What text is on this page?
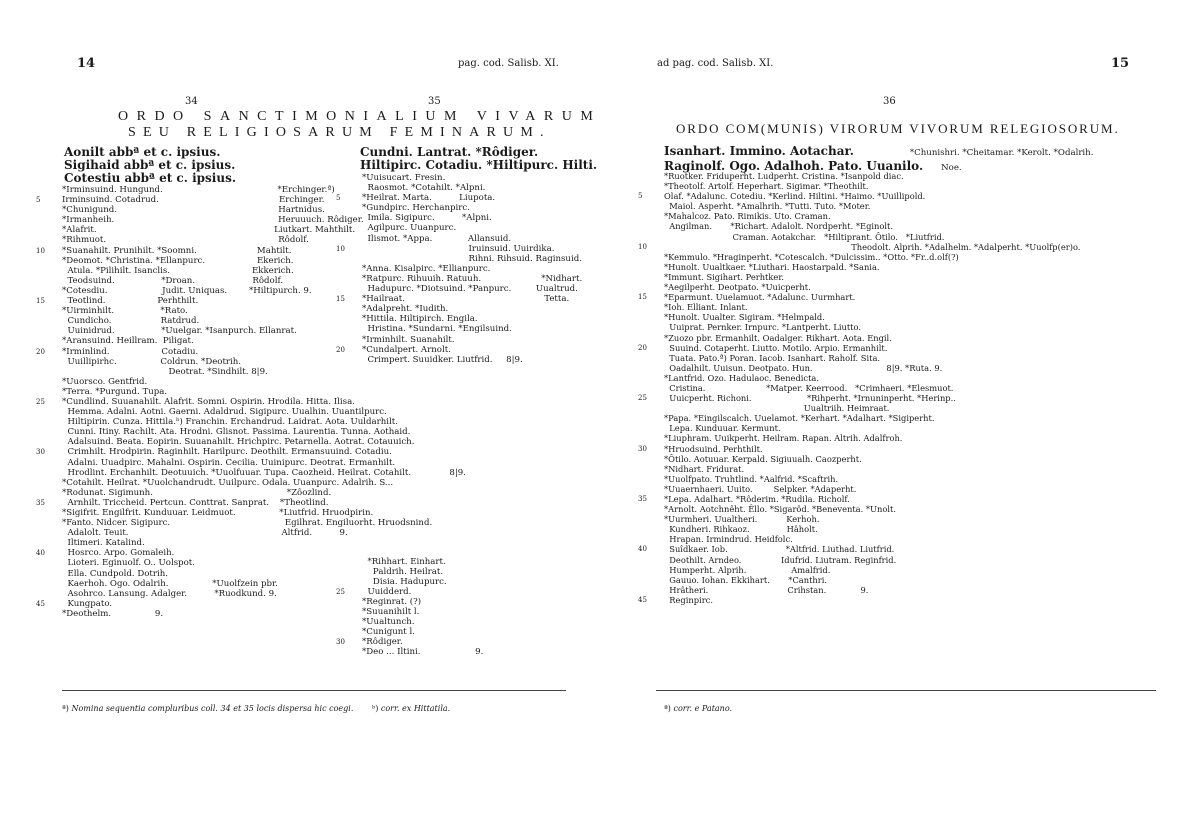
14	pag. cod. Salisb. XI.
34	35
ORDO SANCTIMONIALIUM VIVARUM
SEU RELIGIOSARUM FEMINARUM.
Aonilt abbª et c. ipsius.
Sigihaid abbª et c. ipsius.
Cotestiu abbª et c. ipsius.
*Irminsuind. Hungund.                                          *Erchinger.ª)
5	Irminsuind. Cotadrud.                                            Erchinger.
*Chunigund.                                                           Hartnidus.
*Irmanheih.                                                            Heruuuch. Rôdiger.
*Alafrit.                                                                 Liutkart. Mahthilt.
*Rihmuot.                                                               Rôdolf.
10	*Suanahilt. Prunihilt. *Soomni.                      Mahtilt.
*Deomot. *Christina. *Ellanpurc.                   Ekerich.
Atula. *Pilihilt. Isanclis.                              Ekkerich.
Teodsuind.                 *Droan.                     Rôdolf.
*Cotesdiu.                    Judit. Uniquas.        *Hiltipurch. 9.
15	Teotlind.                   Perhthilt.
*Uirminhilt.                 *Rato.
Cundicho.                  Ratdrud.
Uuinidrud.                 *Uuelgar. *Isanpurch. Ellanrat.
*Aransuind. Heillram.  Piligat.
20	*Irminlind.                   Cotadiu.
Uuillipirhc.                Coldrun. *Deotrih.
Deotrat. *Sindhilt. 8|9.
*Uuorsco. Gentfrid.
*Terra. *Purgund. Tupa.
25	*Cundlind. Suuanahilt. Alafrit. Somni. Ospirin. Hrodila. Hitta. Ilisa.
Hemma. Adalni. Aotni. Gaerni. Adaldrud. Sigipurc. Uualhin. Uuantilpurc.
Hiltipirin. Cunza. Hittila.ᵇ) Franchin. Erchandrud. Laidrat. Aota. Uuldarhilt.
Cunni. Itiny. Rachilt. Ata. Hrodni. Glisnot. Passima. Laurentia. Tunna. Aothaid.
Adalsuind. Beata. Eopirin. Suuanahilt. Hrichpirc. Petarnella. Aotrat. Cotauuich.
30	Crimhilt. Hrodpirin. Raginhilt. Harilpurc. Deothilt. Ermansuuind. Cotadiu.
Adalni. Uuadpirc. Mahalni. Ospirin. Cecilia. Uuinipurc. Deotrat. Ermanhilt.
Hrodlint. Erchanhilt. Deotuuich. *Uuolfuuar. Tupa. Caozheid. Heilrat. Cotahilt.              8|9.
*Cotahilt. Heilrat. *Uuolchandrudt. Uuilpurc. Odala. Uuanpurc. Adalrih. S...
*Rodunat. Sigimunh.                                                 *Zôozlind.
35	Arnhilt. Triccheid. Pertcun. Conttrat. Sanprat.    *Theotlind.
*Sigifrit. Engilfrit. Kunduuar. Leidmuot.                *Liutfrid. Hruodpirin.
*Fanto. Nidcer. Sigipurc.                                          Egilhrat. Engiluorht. Hruodsnind.
Adalolt. Teuit.                                                        Altfrid.          9.
Iltimeri. Katalind.
40	Hosrco. Arpo. Gomaleih.
Lioteri. Eginuolf. O.. Uolspot.
Ella. Cundpold. Dotrih.
Kaerhoh. Ogo. Odalrih.                *Uuolfzein pbr.
Asohrco. Lansung. Adalger.          *Ruodkund. 9.
45	Kungpato.
*Deothelm.                9.
Cundni. Lantrat. *Rôdiger.
Hiltipirc. Cotadiu. *Hiltipurc. Hilti.
*Uuisucart. Fresin.
Raosmot. *Cotahilt. *Alpni.
5	*Heilrat. Marta.          Liupota.
*Gundpirc. Herchanpirc.
Imila. Sigipurc.          *Alpni.
Agilpurc. Uuanpurc.
Ilismot. *Appa.             Allansuid.
10	Iruinsuid. Uuirdika.
Rihni. Rihsuid. Raginsuid.
*Anna. Kisalpirc. *Ellianpurc.
*Ratpurc. Rihuuih. Ratuuh.                      *Nidhart.
Hadupurc. *Diotsuind. *Panpurc.         Uualtrud.
15	*Hailraat.                                                   Tetta.
*Adalpreht. *Iudith.
*Hittila. Hiltipirch. Engila.
Hristina. *Sundarni. *Engilsuind.
*Irminhilt. Suanahilt.
20	*Cundalpert. Arnolt.
Crimpert. Suuidker. Liutfrid.     8|9.
*Rihhart. Einhart.
Paldrih. Heilrat.
Disia. Hadupurc.
25	Uuidderd.
*Reginrat. (?)
*Suuanihilt l.
*Uualtunch.
*Cunigunt l.
30	*Rôdiger.
*Deo ... Iltini.                    9.
ª) Nomina sequentia compluribus coll. 34 et 35 locis dispersa hic coegi. ᵇ) corr. ex Hittatila.
ad pag. cod. Salisb. XI.	15
36
ORDO COM(MUNIS) VIRORUM VIVORUM RELEGIOSORUM.
Isanhart. Immino. Aotachar.	*Chunishri. *Cheitamar. *Kerolt. *Odalrih.
Raginolf. Ogo. Adalhoh. Pato. Uuanilo. Noe.
*Ruotker. Friduperht. Ludperht. Cristina. *Isanpold diac.
*Theotolf. Artolf. Heperhart. Sigimar. *Theothilt.
5	Olaf. *Adalunc. Cotediu. *Kerlind. Hiltini. *Haimo. *Uuillipold.
Maiol. Asperht. *Amalhrih. *Tutti. Tuto. *Moter.
*Mahalcoz. Pato. Rimikis. Uto. Craman.
Angilman.       *Richart. Adalolt. Nordperht. *Eginolt.
Craman. Aotakchar.   *Hiltiprant. Ôtilo.   *Liutfrid.
10	Theodolt. Alprih. *Adalhelm. *Adalperht. *Uuolfp(er)o.
*Kemmulo. *Hraginperht. *Cotescalch. *Dulcissim.. *Otto. *Fr..d.olf(?)
*Hunolt. Uualtkaer. *Liuthari. Haostarpald. *Sania.
*Immunt. Sigihart. Perhtker.
*Aegilperht. Deotpato. *Uuicperht.
15	*Eparmunt. Uuelamuot. *Adalunc. Uurmhart.
*Ioh. Elliant. Inlant.
*Hunolt. Uualter. Sigiram. *Helmpald.
Uuiprat. Pernker. Irnpurc. *Lantperht. Liutto.
*Zuozo pbr. Ermanhilt. Oadalger. Rikhart. Aota. Engil.
20	Suuind. Cotaperht. Liutto. Motilo. Arpio. Ermanhilt.
Tuata. Pato.ª) Poran. Iacob. Isanhart. Raholf. Sita.
Oadalhilt. Uuisun. Deotpato. Hun.                            8|9. *Ruta. 9.
*Lantfrid. Ozo. Hadulaoc. Benedicta.
Cristina.                       *Matper. Keerrood.   *Crimhaeri. *Elesmuot.
25	Uuicperht. Richoni.                     *Rihperht. *Irnuninperht. *Herinp..
Uualtriih. Heimraat.
*Papa. *Eingilscalch. Uuelamot. *Kerhart. *Adalhart. *Sigiperht.
Lepa. Kunduuar. Kermunt.
*Liuphram. Uuikperht. Heilram. Rapan. Altrih. Adalfroh.
30	*Hruodsuind. Perhthilt.
*Ôtilo. Aotuuar. Kerpald. Sigiuualh. Caozperht.
*Nidhart. Fridurat.
*Uuolfpato. Truhtlind. *Aalfrid. *Scaftrih.
*Uuaernhaeri. Uuito.        Selpker. *Adaperht.
35	*Lepa. Adalhart. *Rôderim. *Rudila. Richolf.
*Arnolt. Aotchnêht. Êllo. *Sigarôd. *Beneventa. *Unolt.
*Uurmheri. Uualtheri.           Kerhoh.
Kundheri. Rihkaoz.              Hâholt.
Hrapan. Irmindrud. Heidfolc.
40	Suîdkaer. Iob.                      *Altfrid. Liuthad. Liutfrid.
Deothilt. Arndeo.               Idufrid. Liutram. Reginfrid.
Humperht. Alprih.                 Amalfrid.
Gauuo. Iohan. Ekkihart.       *Canthri.
Hrâtheri.                              Crihstan.             9.
45	Reginpirc.
ª) corr. e Patano.
